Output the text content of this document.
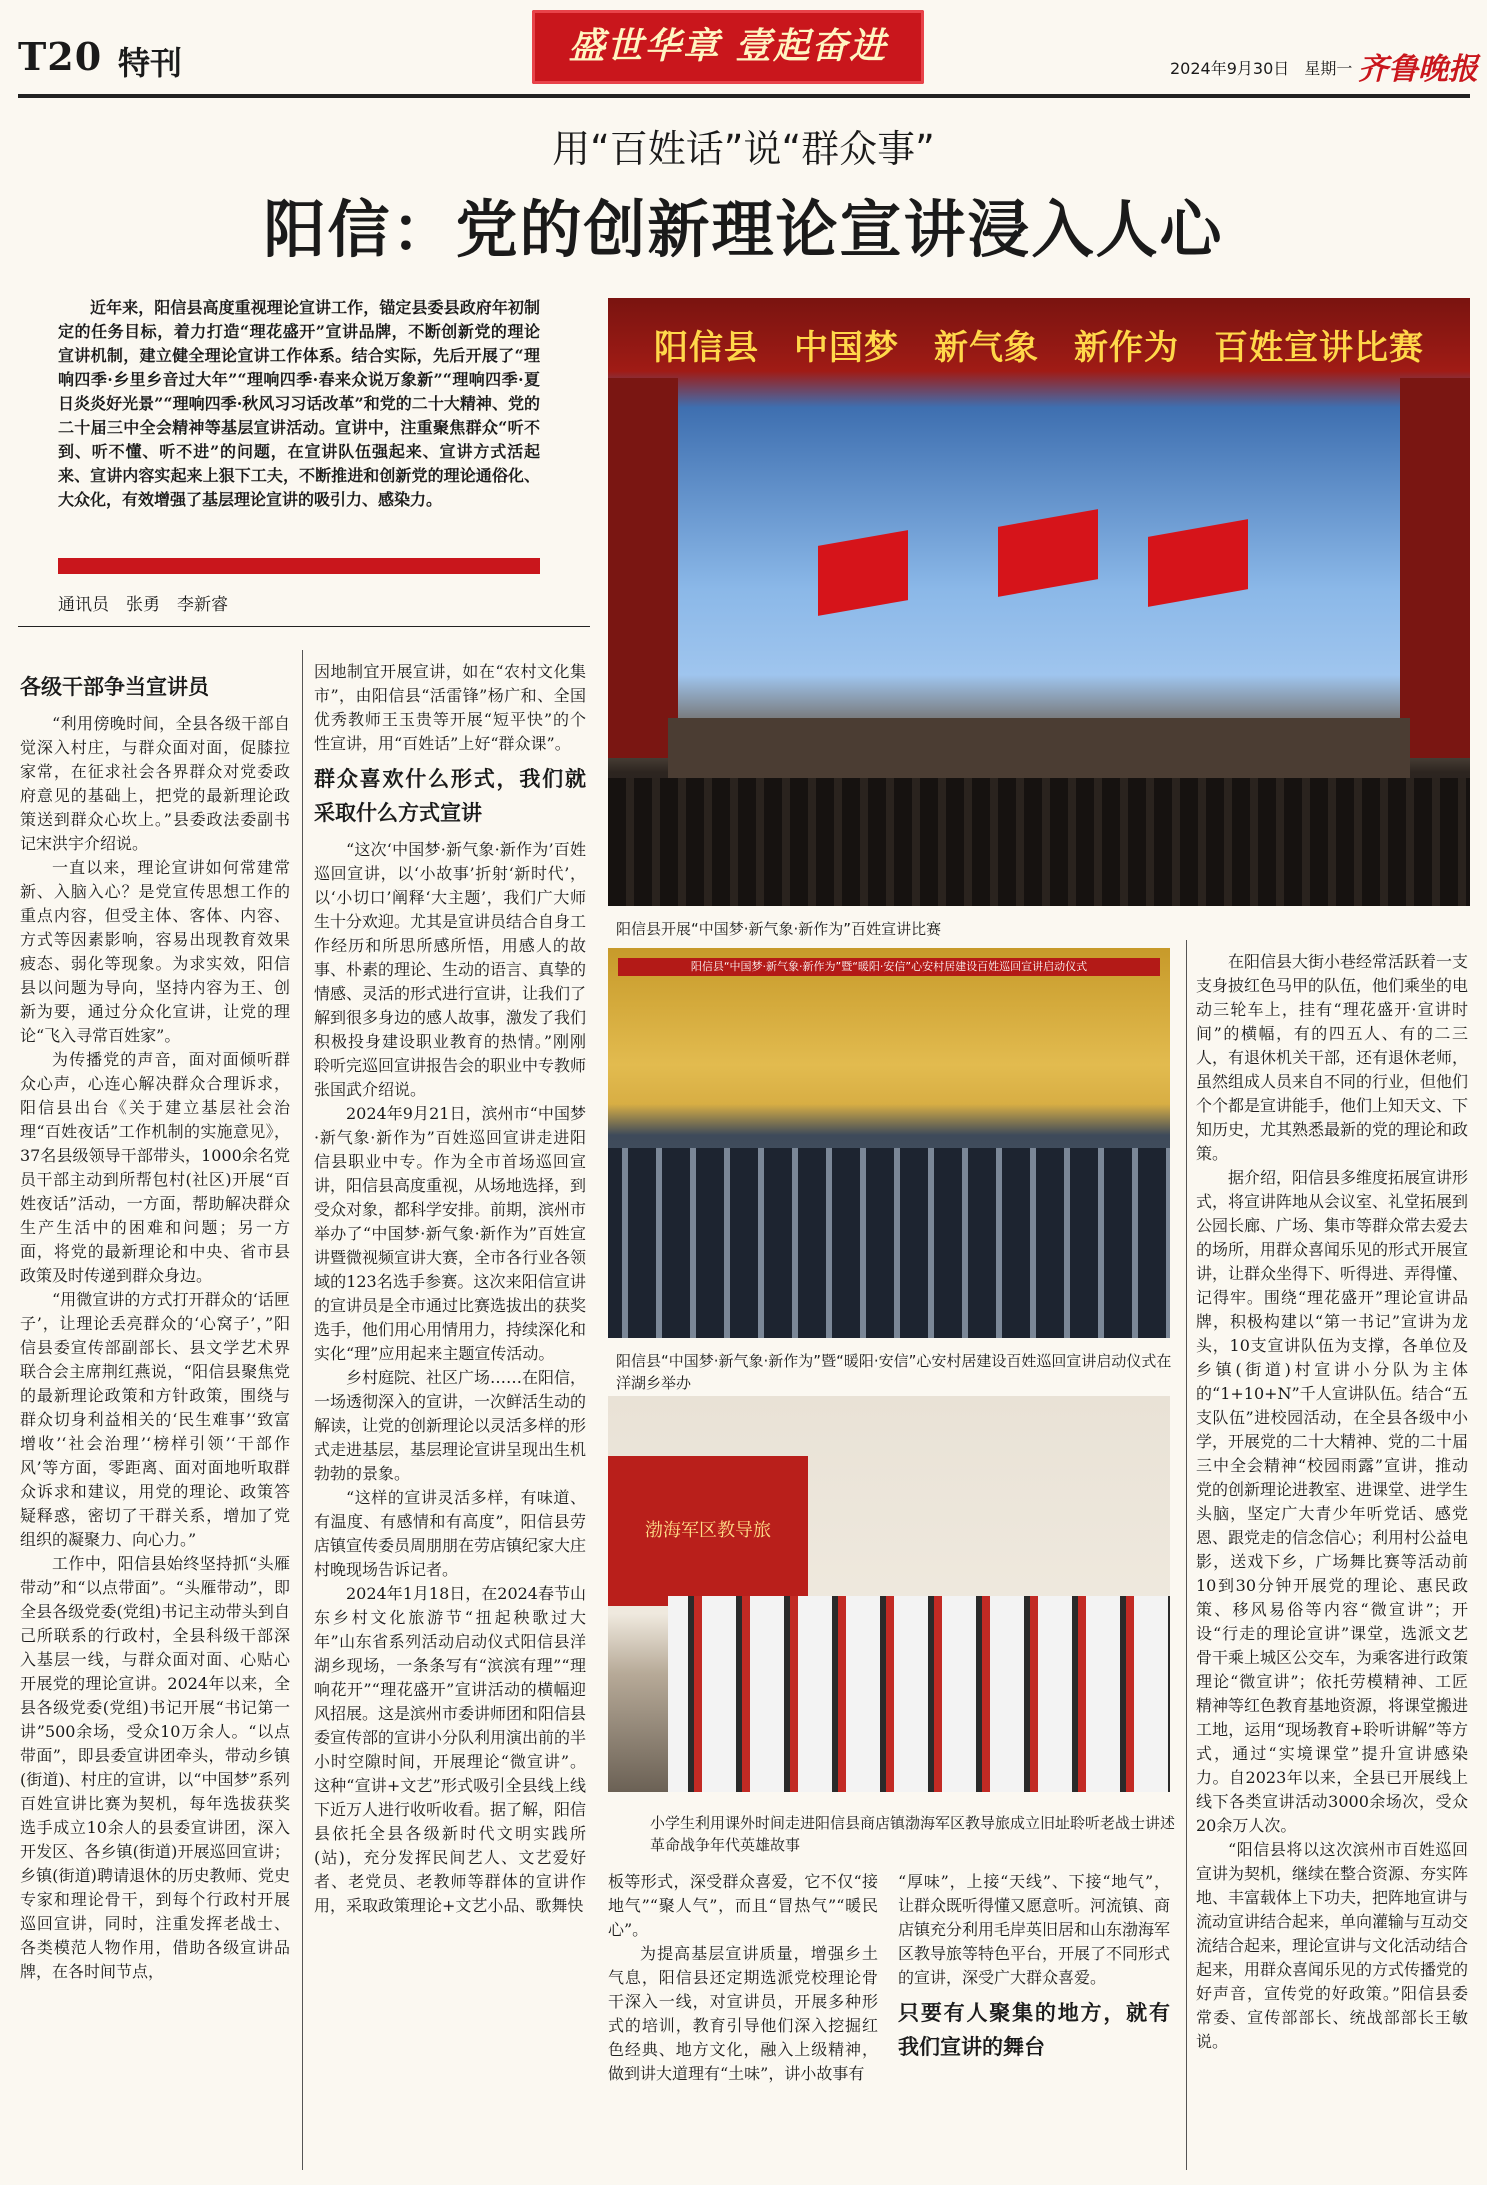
T20 特刊	盛世华章 壹起奋进
2024年9月30日 星期一 齐鲁晚报
用“百姓话”说“群众事”
阳信：党的创新理论宣讲浸入人心

近年来，阳信县高度重视理论宣讲工作，锚定县委县政府年初制定的任务目标，着力打造“理花盛开”宣讲品牌，不断创新党的理论宣讲机制，建立健全理论宣讲工作体系。结合实际，先后开展了“理响四季·乡里乡音过大年”“理响四季·春来众说万象新”“理响四季·夏日炎炎好光景”“理响四季·秋风习习话改革”和党的二十大精神、党的二十届三中全会精神等基层宣讲活动。宣讲中，注重聚焦群众“听不到、听不懂、听不进”的问题，在宣讲队伍强起来、宣讲方式活起来、宣讲内容实起来上狠下工夫，不断推进和创新党的理论通俗化、大众化，有效增强了基层理论宣讲的吸引力、感染力。

通讯员　张勇　李新睿
阳信县　中国梦　新气象　新作为　百姓宣讲比赛
阳信县开展“中国梦·新气象·新作为”百姓宣讲比赛
阳信县“中国梦·新气象·新作为”暨“暖阳·安信”心安村居建设百姓巡回宣讲启动仪式
阳信县“中国梦·新气象·新作为”暨“暖阳·安信”心安村居建设百姓巡回宣讲启动仪式在洋湖乡举办
渤海军区教导旅
小学生利用课外时间走进阳信县商店镇渤海军区教导旅成立旧址聆听老战士讲述革命战争年代英雄故事
各级干部争当宣讲员

“利用傍晚时间，全县各级干部自觉深入村庄，与群众面对面，促膝拉家常，在征求社会各界群众对党委政府意见的基础上，把党的最新理论政策送到群众心坎上。”县委政法委副书记宋洪宇介绍说。

一直以来，理论宣讲如何常建常新、入脑入心？是党宣传思想工作的重点内容，但受主体、客体、内容、方式等因素影响，容易出现教育效果疲态、弱化等现象。为求实效，阳信县以问题为导向，坚持内容为王、创新为要，通过分众化宣讲，让党的理论“飞入寻常百姓家”。

为传播党的声音，面对面倾听群众心声，心连心解决群众合理诉求，阳信县出台《关于建立基层社会治理“百姓夜话”工作机制的实施意见》，37名县级领导干部带头，1000余名党员干部主动到所帮包村(社区)开展“百姓夜话”活动，一方面，帮助解决群众生产生活中的困难和问题；另一方面，将党的最新理论和中央、省市县政策及时传递到群众身边。

“用微宣讲的方式打开群众的‘话匣子’，让理论丢亮群众的‘心窝子’，”阳信县委宣传部副部长、县文学艺术界联合会主席荆红燕说，“阳信县聚焦党的最新理论政策和方针政策，围绕与群众切身利益相关的‘民生难事’‘致富增收’‘社会治理’‘榜样引领’‘干部作风’等方面，零距离、面对面地听取群众诉求和建议，用党的理论、政策答疑释惑，密切了干群关系，增加了党组织的凝聚力、向心力。”

工作中，阳信县始终坚持抓“头雁带动”和“以点带面”。“头雁带动”，即全县各级党委(党组)书记主动带头到自己所联系的行政村，全县科级干部深入基层一线，与群众面对面、心贴心开展党的理论宣讲。2024年以来，全县各级党委(党组)书记开展“书记第一讲”500余场，受众10万余人。“以点带面”，即县委宣讲团牵头，带动乡镇(街道)、村庄的宣讲，以“中国梦”系列百姓宣讲比赛为契机，每年选拔获奖选手成立10余人的县委宣讲团，深入开发区、各乡镇(街道)开展巡回宣讲；乡镇(街道)聘请退休的历史教师、党史专家和理论骨干，到每个行政村开展巡回宣讲，同时，注重发挥老战士、各类模范人物作用，借助各级宣讲品牌，在各时间节点，

因地制宜开展宣讲，如在“农村文化集市”，由阳信县“活雷锋”杨广和、全国优秀教师王玉贵等开展“短平快”的个性宣讲，用“百姓话”上好“群众课”。

群众喜欢什么形式，我们就采取什么方式宣讲

“这次‘中国梦·新气象·新作为’百姓巡回宣讲，以‘小故事’折射‘新时代’，以‘小切口’阐释‘大主题’，我们广大师生十分欢迎。尤其是宣讲员结合自身工作经历和所思所感所悟，用感人的故事、朴素的理论、生动的语言、真挚的情感、灵活的形式进行宣讲，让我们了解到很多身边的感人故事，激发了我们积极投身建设职业教育的热情。”刚刚聆听完巡回宣讲报告会的职业中专教师张国武介绍说。

2024年9月21日，滨州市“中国梦·新气象·新作为”百姓巡回宣讲走进阳信县职业中专。作为全市首场巡回宣讲，阳信县高度重视，从场地选择，到受众对象，都科学安排。前期，滨州市举办了“中国梦·新气象·新作为”百姓宣讲暨微视频宣讲大赛，全市各行业各领域的123名选手参赛。这次来阳信宣讲的宣讲员是全市通过比赛选拔出的获奖选手，他们用心用情用力，持续深化和实化“理”应用起来主题宣传活动。

乡村庭院、社区广场……在阳信，一场透彻深入的宣讲，一次鲜活生动的解读，让党的创新理论以灵活多样的形式走进基层，基层理论宣讲呈现出生机勃勃的景象。

“这样的宣讲灵活多样，有味道、有温度、有感情和有高度”，阳信县劳店镇宣传委员周朋朋在劳店镇纪家大庄村晚现场告诉记者。

2024年1月18日，在2024春节山东乡村文化旅游节“扭起秧歌过大年”山东省系列活动启动仪式阳信县洋湖乡现场，一条条写有“滨滨有理”“理响花开”“理花盛开”宣讲活动的横幅迎风招展。这是滨州市委讲师团和阳信县委宣传部的宣讲小分队利用演出前的半小时空隙时间，开展理论“微宣讲”。这种“宣讲+文艺”形式吸引全县线上线下近万人进行收听收看。据了解，阳信县依托全县各级新时代文明实践所(站)，充分发挥民间艺人、文艺爱好者、老党员、老教师等群体的宣讲作用，采取政策理论+文艺小品、歌舞快

板等形式，深受群众喜爱，它不仅“接地气”“聚人气”，而且“冒热气”“暖民心”。

为提高基层宣讲质量，增强乡土气息，阳信县还定期选派党校理论骨干深入一线，对宣讲员，开展多种形式的培训，教育引导他们深入挖掘红色经典、地方文化，融入上级精神，做到讲大道理有“土味”，讲小故事有

“厚味”，上接“天线”、下接“地气”，让群众既听得懂又愿意听。河流镇、商店镇充分利用毛岸英旧居和山东渤海军区教导旅等特色平台，开展了不同形式的宣讲，深受广大群众喜爱。

只要有人聚集的地方，就有我们宣讲的舞台

在阳信县大街小巷经常活跃着一支支身披红色马甲的队伍，他们乘坐的电动三轮车上，挂有“理花盛开·宣讲时间”的横幅，有的四五人、有的二三人，有退休机关干部，还有退休老师，虽然组成人员来自不同的行业，但他们个个都是宣讲能手，他们上知天文、下知历史，尤其熟悉最新的党的理论和政策。

据介绍，阳信县多维度拓展宣讲形式，将宣讲阵地从会议室、礼堂拓展到公园长廊、广场、集市等群众常去爱去的场所，用群众喜闻乐见的形式开展宣讲，让群众坐得下、听得进、弄得懂、记得牢。围绕“理花盛开”理论宣讲品牌，积极构建以“第一书记”宣讲为龙头，10支宣讲队伍为支撑，各单位及乡镇(街道)村宣讲小分队为主体的“1+10+N”千人宣讲队伍。结合“五支队伍”进校园活动，在全县各级中小学，开展党的二十大精神、党的二十届三中全会精神“校园雨露”宣讲，推动党的创新理论进教室、进课堂、进学生头脑，坚定广大青少年听党话、感党恩、跟党走的信念信心；利用村公益电影，送戏下乡，广场舞比赛等活动前10到30分钟开展党的理论、惠民政策、移风易俗等内容“微宣讲”；开设“行走的理论宣讲”课堂，选派文艺骨干乘上城区公交车，为乘客进行政策理论“微宣讲”；依托劳模精神、工匠精神等红色教育基地资源，将课堂搬进工地，运用“现场教育+聆听讲解”等方式，通过“实境课堂”提升宣讲感染力。自2023年以来，全县已开展线上线下各类宣讲活动3000余场次，受众20余万人次。

“阳信县将以这次滨州市百姓巡回宣讲为契机，继续在整合资源、夯实阵地、丰富载体上下功夫，把阵地宣讲与流动宣讲结合起来，单向灌输与互动交流结合起来，理论宣讲与文化活动结合起来，用群众喜闻乐见的方式传播党的好声音，宣传党的好政策。”阳信县委常委、宣传部部长、统战部部长王敏说。
